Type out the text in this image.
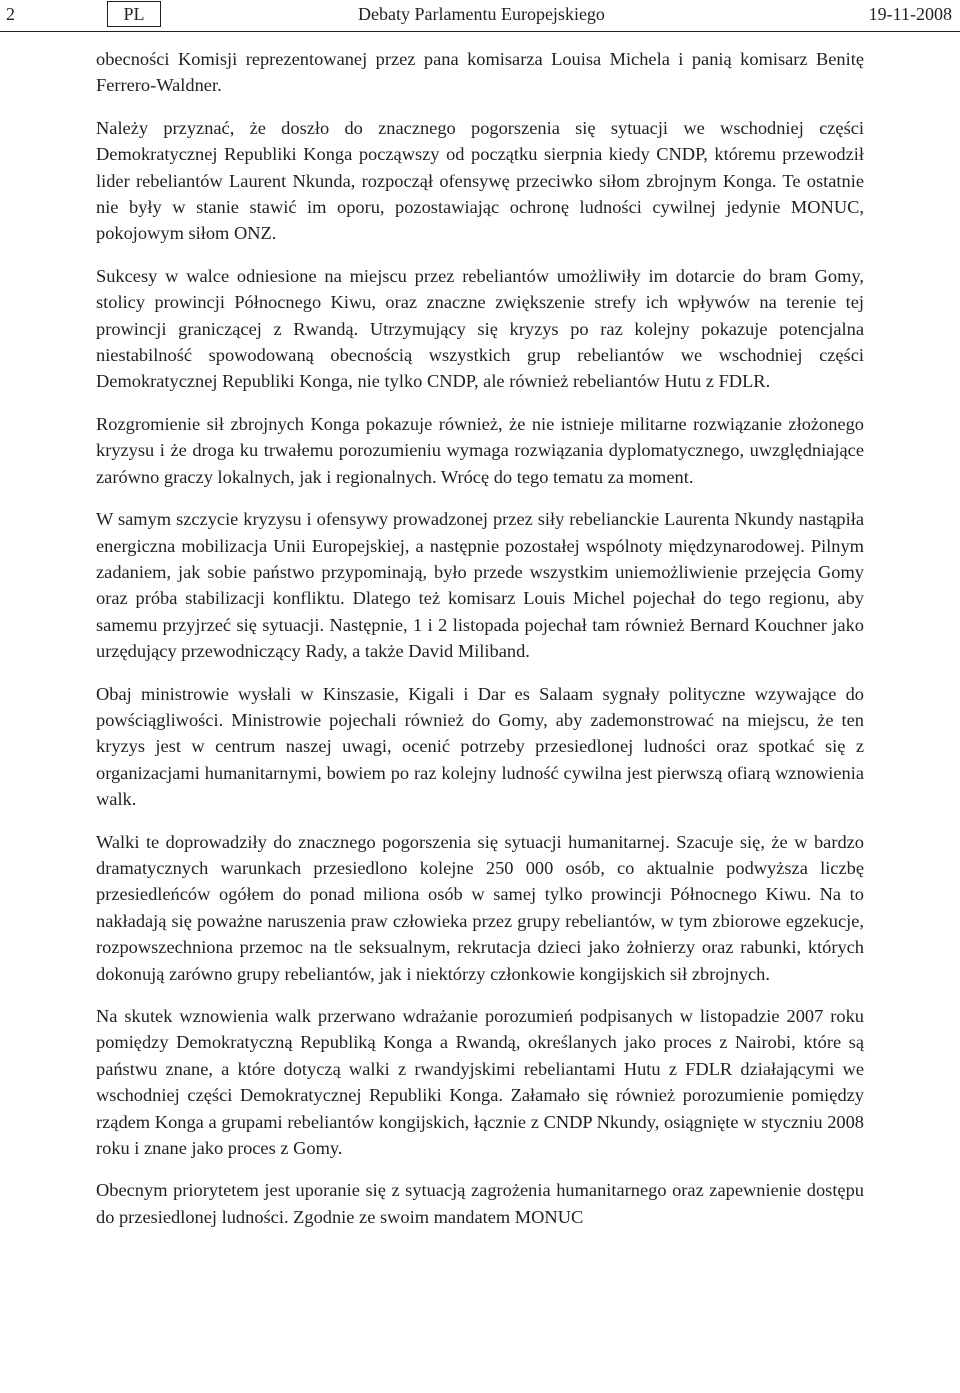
2	PL	Debaty Parlamentu Europejskiego	19-11-2008

obecności Komisji reprezentowanej przez pana komisarza Louisa Michela i panią komisarz Benitę Ferrero-Waldner.

Należy przyznać, że doszło do znacznego pogorszenia się sytuacji we wschodniej części Demokratycznej Republiki Konga począwszy od początku sierpnia kiedy CNDP, któremu przewodził lider rebeliantów Laurent Nkunda, rozpoczął ofensywę przeciwko siłom zbrojnym Konga. Te ostatnie nie były w stanie stawić im oporu, pozostawiając ochronę ludności cywilnej jedynie MONUC, pokojowym siłom ONZ.

Sukcesy w walce odniesione na miejscu przez rebeliantów umożliwiły im dotarcie do bram Gomy, stolicy prowincji Północnego Kiwu, oraz znaczne zwiększenie strefy ich wpływów na terenie tej prowincji graniczącej z Rwandą. Utrzymujący się kryzys po raz kolejny pokazuje potencjalna niestabilność spowodowaną obecnością wszystkich grup rebeliantów we wschodniej części Demokratycznej Republiki Konga, nie tylko CNDP, ale również rebeliantów Hutu z FDLR.

Rozgromienie sił zbrojnych Konga pokazuje również, że nie istnieje militarne rozwiązanie złożonego kryzysu i że droga ku trwałemu porozumieniu wymaga rozwiązania dyplomatycznego, uwzględniające zarówno graczy lokalnych, jak i regionalnych. Wrócę do tego tematu za moment.

W samym szczycie kryzysu i ofensywy prowadzonej przez siły rebelianckie Laurenta Nkundy nastąpiła energiczna mobilizacja Unii Europejskiej, a następnie pozostałej wspólnoty międzynarodowej. Pilnym zadaniem, jak sobie państwo przypominają, było przede wszystkim uniemożliwienie przejęcia Gomy oraz próba stabilizacji konfliktu. Dlatego też komisarz Louis Michel pojechał do tego regionu, aby samemu przyjrzeć się sytuacji. Następnie, 1 i 2 listopada pojechał tam również Bernard Kouchner jako urzędujący przewodniczący Rady, a także David Miliband.

Obaj ministrowie wysłali w Kinszasie, Kigali i Dar es Salaam sygnały polityczne wzywające do powściągliwości. Ministrowie pojechali również do Gomy, aby zademonstrować na miejscu, że ten kryzys jest w centrum naszej uwagi, ocenić potrzeby przesiedlonej ludności oraz spotkać się z organizacjami humanitarnymi, bowiem po raz kolejny ludność cywilna jest pierwszą ofiarą wznowienia walk.

Walki te doprowadziły do znacznego pogorszenia się sytuacji humanitarnej. Szacuje się, że w bardzo dramatycznych warunkach przesiedlono kolejne 250 000 osób, co aktualnie podwyższa liczbę przesiedleńców ogółem do ponad miliona osób w samej tylko prowincji Północnego Kiwu. Na to nakładają się poważne naruszenia praw człowieka przez grupy rebeliantów, w tym zbiorowe egzekucje, rozpowszechniona przemoc na tle seksualnym, rekrutacja dzieci jako żołnierzy oraz rabunki, których dokonują zarówno grupy rebeliantów, jak i niektórzy członkowie kongijskich sił zbrojnych.

Na skutek wznowienia walk przerwano wdrażanie porozumień podpisanych w listopadzie 2007 roku pomiędzy Demokratyczną Republiką Konga a Rwandą, określanych jako proces z Nairobi, które są państwu znane, a które dotyczą walki z rwandyjskimi rebeliantami Hutu z FDLR działającymi we wschodniej części Demokratycznej Republiki Konga. Załamało się również porozumienie pomiędzy rządem Konga a grupami rebeliantów kongijskich, łącznie z CNDP Nkundy, osiągnięte w styczniu 2008 roku i znane jako proces z Gomy.

Obecnym priorytetem jest uporanie się z sytuacją zagrożenia humanitarnego oraz zapewnienie dostępu do przesiedlonej ludności. Zgodnie ze swoim mandatem MONUC
